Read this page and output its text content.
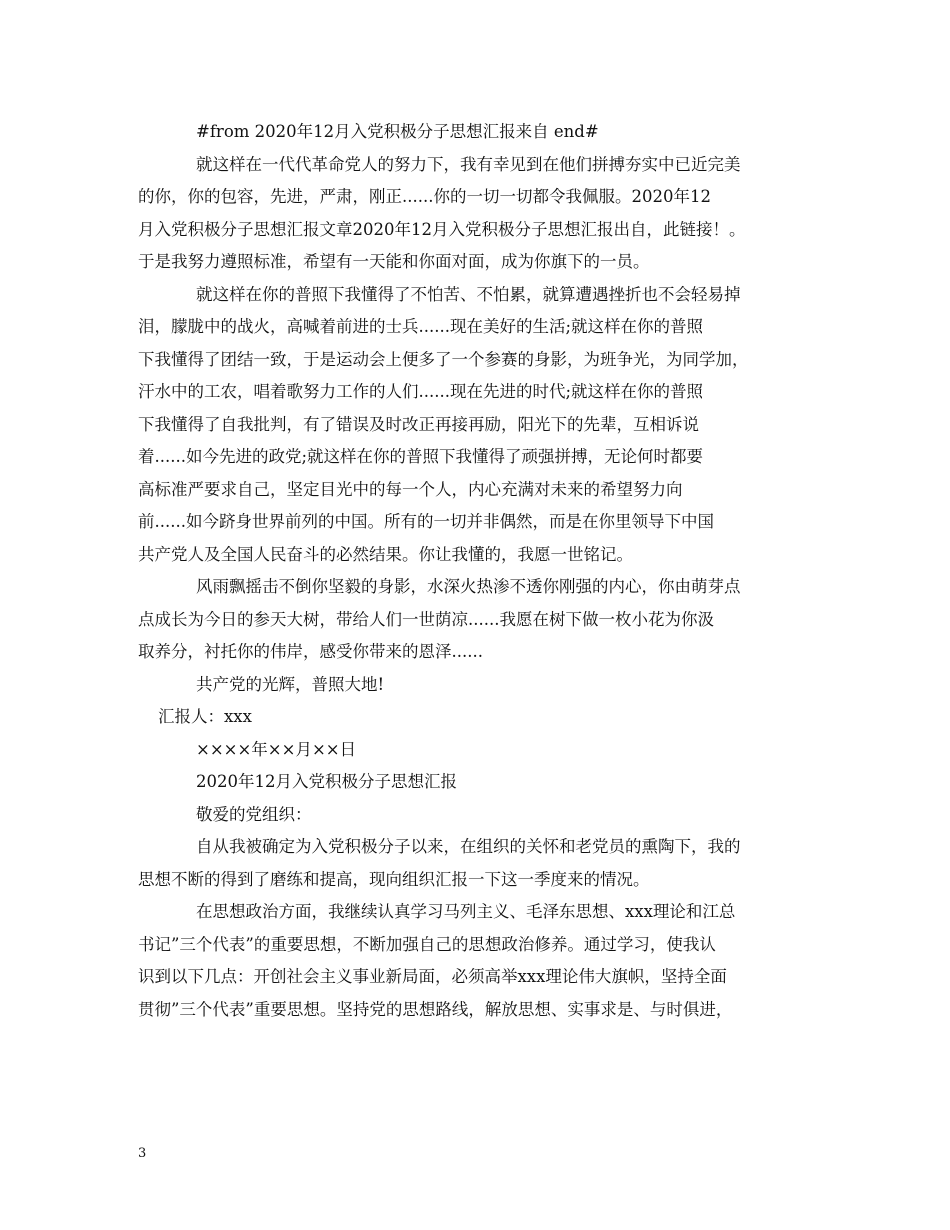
#from 2020年12月入党积极分子思想汇报来自 end#
就这样在一代代革命党人的努力下，我有幸见到在他们拼搏夯实中已近完美
的你，你的包容，先进，严肃，刚正......你的一切一切都令我佩服。2020年12
月入党积极分子思想汇报文章2020年12月入党积极分子思想汇报出自，此链接！。
于是我努力遵照标准，希望有一天能和你面对面，成为你旗下的一员。
就这样在你的普照下我懂得了不怕苦、不怕累，就算遭遇挫折也不会轻易掉
泪，朦胧中的战火，高喊着前进的士兵......现在美好的生活;就这样在你的普照
下我懂得了团结一致，于是运动会上便多了一个参赛的身影，为班争光，为同学加，
汗水中的工农，唱着歌努力工作的人们......现在先进的时代;就这样在你的普照
下我懂得了自我批判，有了错误及时改正再接再励，阳光下的先辈，互相诉说
着......如今先进的政党;就这样在你的普照下我懂得了顽强拼搏，无论何时都要
高标准严要求自己，坚定目光中的每一个人，内心充满对未来的希望努力向
前......如今跻身世界前列的中国。所有的一切并非偶然，而是在你里领导下中国
共产党人及全国人民奋斗的必然结果。你让我懂的，我愿一世铭记。
风雨飘摇击不倒你坚毅的身影，水深火热渗不透你刚强的内心，你由萌芽点
点成长为今日的参天大树，带给人们一世荫凉......我愿在树下做一枚小花为你汲
取养分，衬托你的伟岸，感受你带来的恩泽......
共产党的光辉，普照大地!
汇报人：xxx
××××年××月××日
2020年12月入党积极分子思想汇报
敬爱的党组织：
自从我被确定为入党积极分子以来，在组织的关怀和老党员的熏陶下，我的
思想不断的得到了磨练和提高，现向组织汇报一下这一季度来的情况。
在思想政治方面，我继续认真学习马列主义、毛泽东思想、xxx理论和江总
书记”三个代表”的重要思想，不断加强自己的思想政治修养。通过学习，使我认
识到以下几点：开创社会主义事业新局面，必须高举xxx理论伟大旗帜，坚持全面
贯彻”三个代表”重要思想。坚持党的思想路线，解放思想、实事求是、与时俱进，
3
